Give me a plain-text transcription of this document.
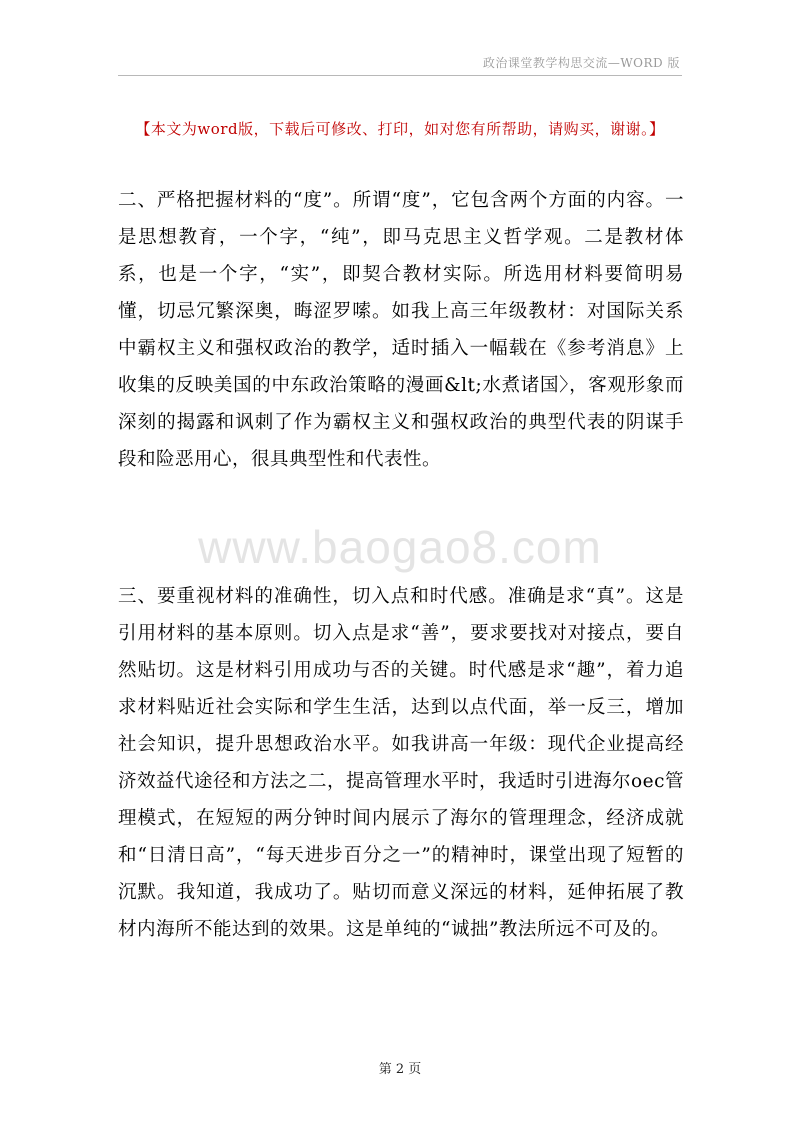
政治课堂教学构思交流—WORD 版
【本文为word版，下载后可修改、打印，如对您有所帮助，请购买，谢谢。】

二、严格把握材料的“度”。所谓“度”，它包含两个方面的内容。一是思想教育，一个字，“纯”，即马克思主义哲学观。二是教材体系，也是一个字，“实”，即契合教材实际。所选用材料要简明易懂，切忌冗繁深奥，晦涩罗嗦。如我上高三年级教材：对国际关系中霸权主义和强权政治的教学，适时插入一幅载在《参考消息》上收集的反映美国的中东政治策略的漫画&lt;水煮诸国〉，客观形象而深刻的揭露和讽刺了作为霸权主义和强权政治的典型代表的阴谋手段和险恶用心，很具典型性和代表性。

www.baogao8.com

三、要重视材料的准确性，切入点和时代感。准确是求“真”。这是引用材料的基本原则。切入点是求“善”，要求要找对对接点，要自然贴切。这是材料引用成功与否的关键。时代感是求“趣”，着力追求材料贴近社会实际和学生生活，达到以点代面，举一反三，增加社会知识，提升思想政治水平。如我讲高一年级：现代企业提高经济效益代途径和方法之二，提高管理水平时，我适时引进海尔oec管理模式，在短短的两分钟时间内展示了海尔的管理理念，经济成就和“日清日高”，“每天进步百分之一”的精神时，课堂出现了短暂的沉默。我知道，我成功了。贴切而意义深远的材料，延伸拓展了教材内海所不能达到的效果。这是单纯的“诚拙”教法所远不可及的。

第 2 页
